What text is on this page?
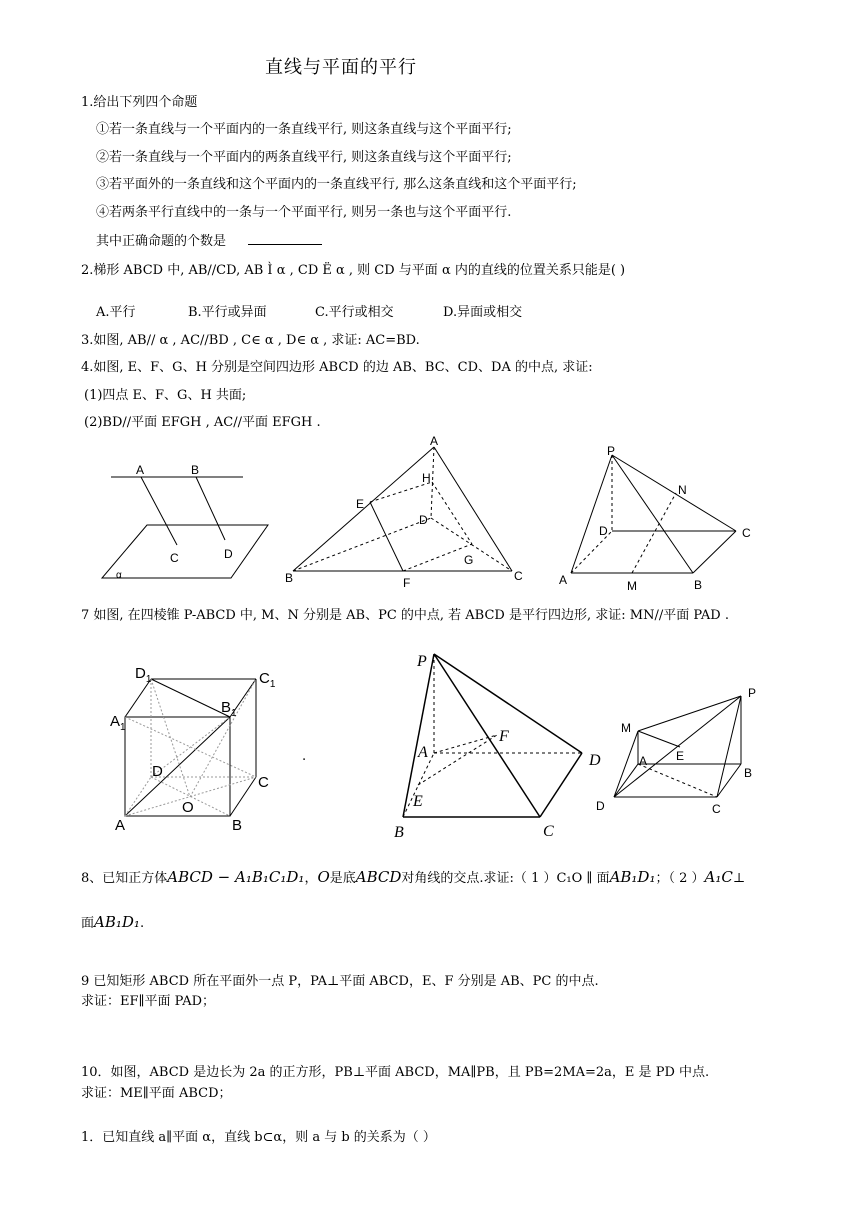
直线与平面的平行
1.给出下列四个命题
①若一条直线与一个平面内的一条直线平行, 则这条直线与这个平面平行;
②若一条直线与一个平面内的两条直线平行, 则这条直线与这个平面平行;
③若平面外的一条直线和这个平面内的一条直线平行, 那么这条直线和这个平面平行;
④若两条平行直线中的一条与一个平面平行, 则另一条也与这个平面平行.
其中正确命题的个数是
2.梯形 ABCD 中, AB//CD, AB Ì α , CD Ë α , 则 CD 与平面 α 内的直线的位置关系只能是( )
A.平行	B.平行或异面	C.平行或相交	D.异面或相交
3.如图, AB// α , AC//BD , C∈ α , D∈ α , 求证: AC=BD.
4.如图, E、F、G、H 分别是空间四边形 ABCD 的边 AB、BC、CD、DA 的中点, 求证:
(1)四点 E、F、G、H 共面;
(2)BD//平面 EFGH , AC//平面 EFGH .
A	B
C	D
α
A
B	C
D
E
F
G
H
P
N
D	C
A	M	B
7 如图, 在四棱锥 P-ABCD 中, M、N 分别是 AB、PC 的中点, 若 ABCD 是平行四边形, 求证: MN//平面 PAD .
$D_1$	$C_1$
$A_1$
$B_1$
D
C
O
A	B
.
P
A
F
D
E
B	C
P
M
A E
B
D	C
8、已知正方体ABCD − A₁B₁C₁D₁，O是底ABCD对角线的交点.求证:（ 1 ）C₁O ∥ 面AB₁D₁；（ 2 ）A₁C⊥
面AB₁D₁.
9 已知矩形 ABCD 所在平面外一点 P，PA⊥平面 ABCD，E、F 分别是 AB、PC 的中点.
求证：EF∥平面 PAD；
10．如图，ABCD 是边长为 2a 的正方形，PB⊥平面 ABCD，MA∥PB，且 PB=2MA=2a，E 是 PD 中点.
求证：ME∥平面 ABCD；
1．已知直线 a∥平面 α，直线 b⊂α，则 a 与 b 的关系为（ ）
